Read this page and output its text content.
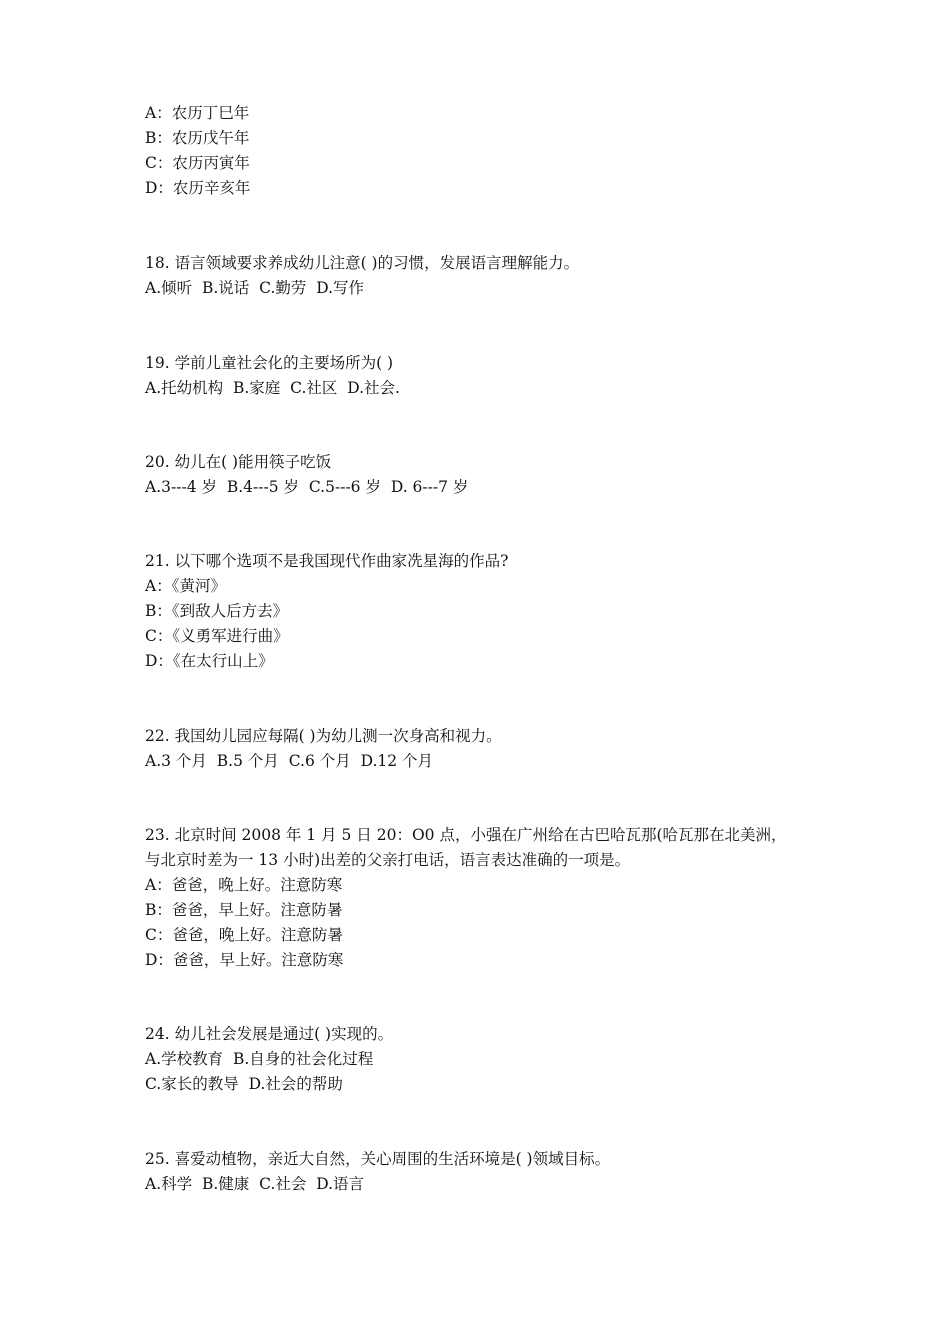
A：农历丁巳年
B：农历戊午年
C：农历丙寅年
D：农历辛亥年
18. 语言领域要求养成幼儿注意( )的习惯，发展语言理解能力。
A.倾听  B.说话  C.勤劳  D.写作
19. 学前儿童社会化的主要场所为( )
A.托幼机构  B.家庭  C.社区  D.社会.
20. 幼儿在( )能用筷子吃饭
A.3---4 岁  B.4---5 岁  C.5---6 岁  D. 6---7 岁
21. 以下哪个选项不是我国现代作曲家冼星海的作品?
A：《黄河》
B：《到敌人后方去》
C：《义勇军进行曲》
D：《在太行山上》
22. 我国幼儿园应每隔( )为幼儿测一次身高和视力。
A.3 个月  B.5 个月  C.6 个月  D.12 个月
23. 北京时间 2008 年 1 月 5 日 20：O0 点，小强在广州给在古巴哈瓦那(哈瓦那在北美洲，
与北京时差为一 13 小时)出差的父亲打电话，语言表达准确的一项是。
A：爸爸，晚上好。注意防寒
B：爸爸，早上好。注意防暑
C：爸爸，晚上好。注意防暑
D：爸爸，早上好。注意防寒
24. 幼儿社会发展是通过( )实现的。
A.学校教育  B.自身的社会化过程
C.家长的教导  D.社会的帮助
25. 喜爱动植物，亲近大自然，关心周围的生活环境是( )领域目标。
A.科学  B.健康  C.社会  D.语言
